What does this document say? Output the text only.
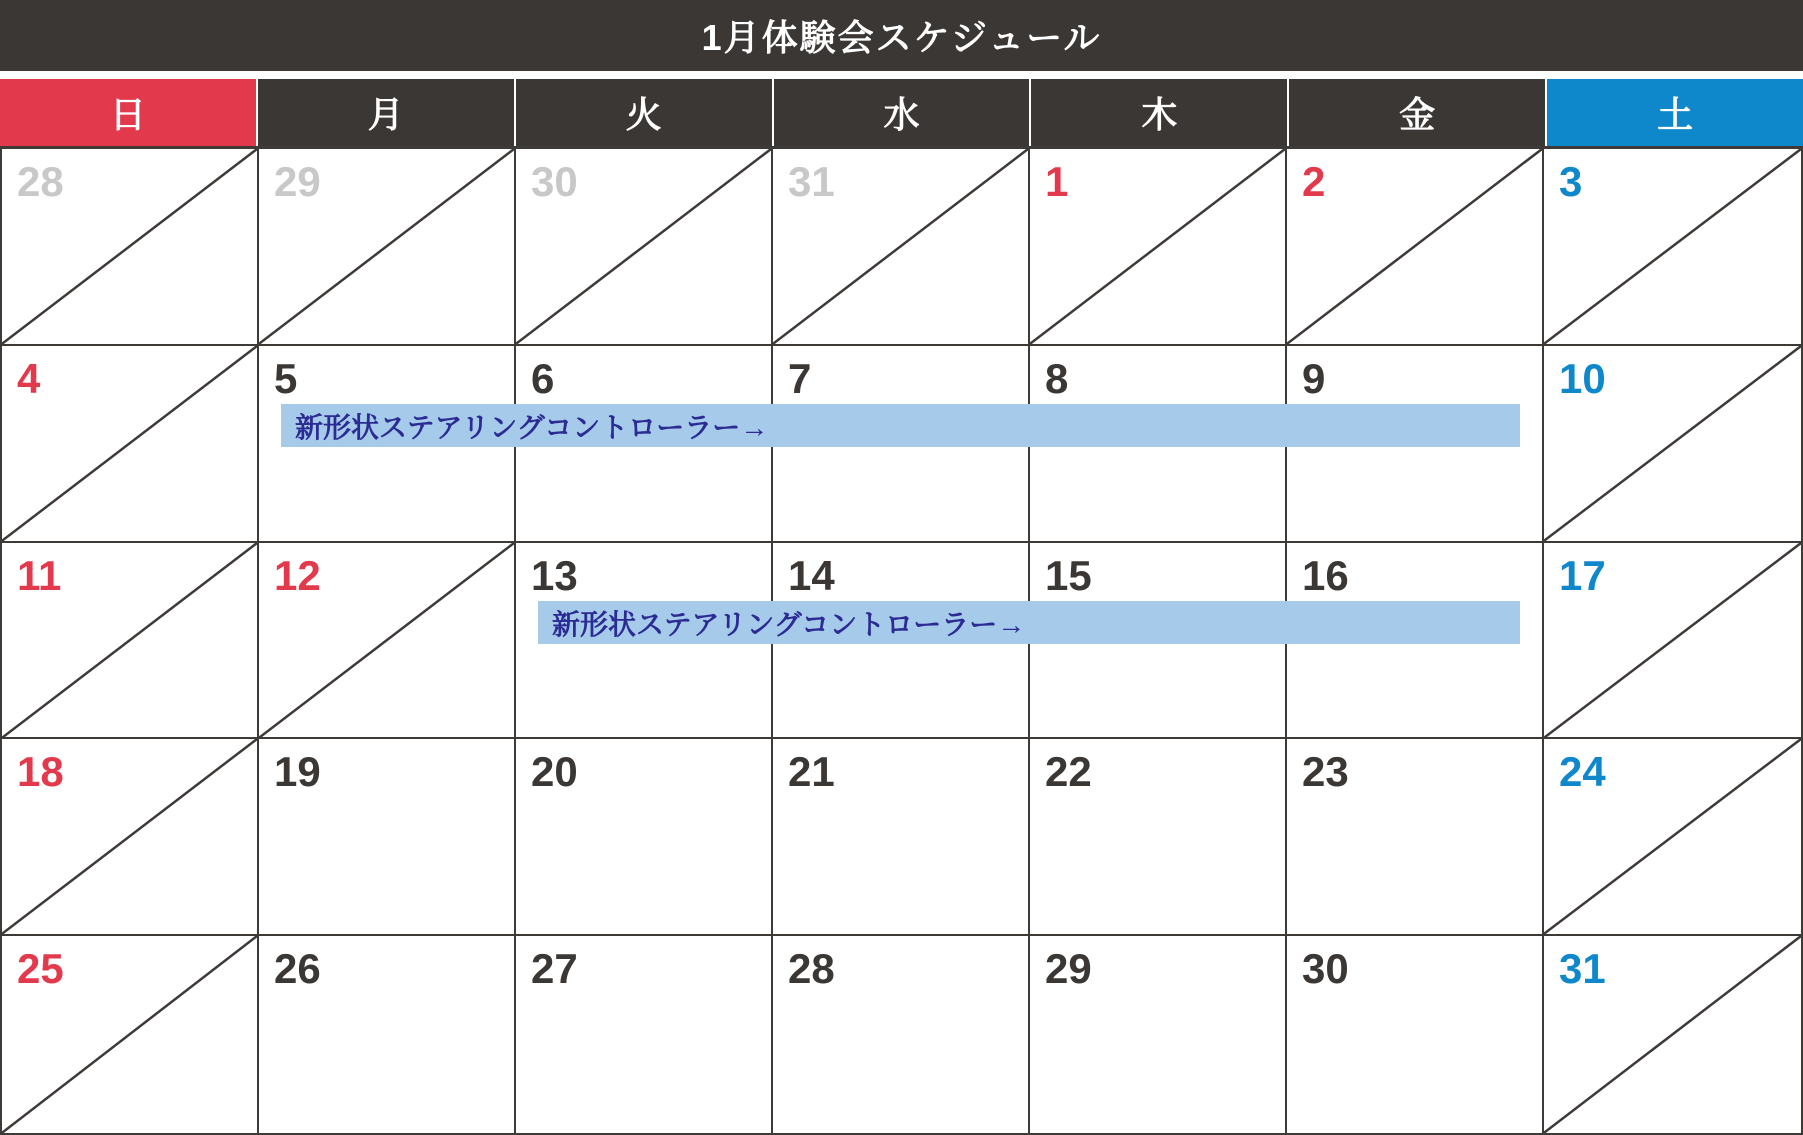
1月体験会スケジュール
日	月	火	水	木	金	土
28	29	30	31	1	2	3
4	5	6	7	8	9	10
11	12	13	14	15	16	17
18	19	20	21	22	23	24
25	26	27	28	29	30	31
新形状ステアリングコントローラー→
新形状ステアリングコントローラー→
